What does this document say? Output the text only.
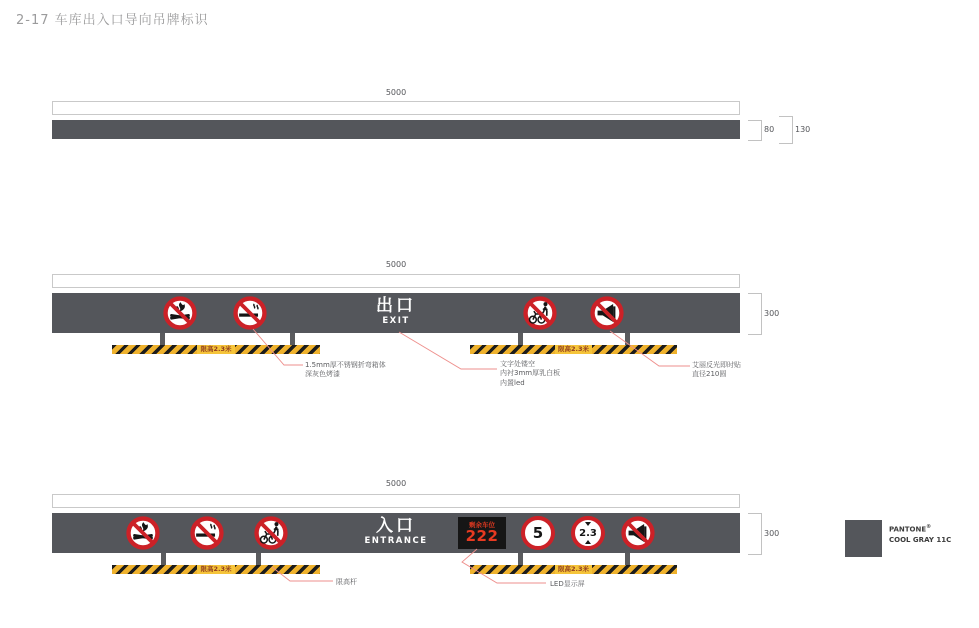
2-17 车库出入口导向吊牌标识
5000
80	130
5000
出口
EXIT
300
限高2.3米	限高2.3米
1.5mm厚不锈钢折弯箱体
深灰色烤漆
文字处镂空
内衬3mm厚乳白板
内置led
艾丽反光即时贴
直径210圆
5000
入口
ENTRANCE
剩余车位
222 5	2.3	300
限高2.3米	限高2.3米
限高杆	LED显示屏
PANTONE®
COOL GRAY 11C
